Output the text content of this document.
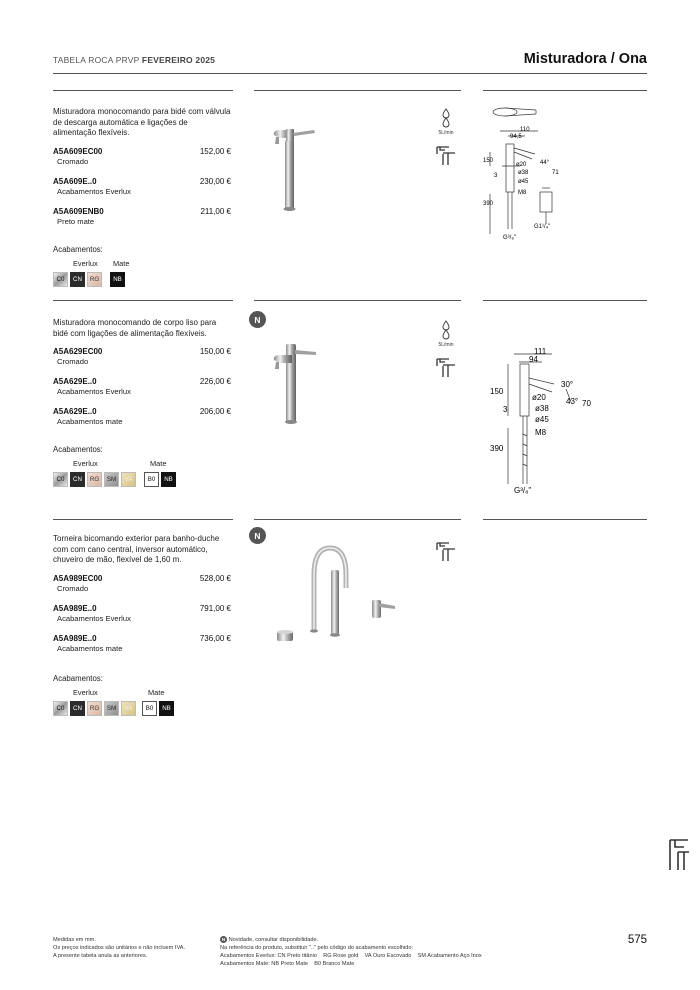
TABELA ROCA PRVP FEVEREIRO 2025	Misturadora / Ona
Misturadora monocomando para bidé com válvula de descarga automática e ligações de alimentação flexíveis.
A5A609EC00
Cromado
152,00 €
A5A609E..0
Acabamentos Everlux
230,00 €
A5A609ENB0
Preto mate
211,00 €
Acabamentos:
Everlux Mate
C0	CN	RG	NB
5L/min	110
94,5
150
ø20
ø38
ø45
M8
390
44°
71
3
G³/₈"
G1¹/₄"
Misturadora monocomando de corpo liso para bidé com ligações de alimentação flexíveis.
A5A629EC00
Cromado
150,00 €
A5A629E..0
Acabamentos Everlux
226,00 €
A5A629E..0
Acabamentos mate
206,00 €
Acabamentos:
Everlux	Mate
C0	CN	RG	SM	VA	B0	NB
N
5L/min
111
94
150
30°
ø20	43° 70
3	ø38
ø45
M8
390
G³/₈"
Torneira bicomando exterior para banho-duche com com cano central, inversor automático, chuveiro de mão, flexível de 1,60 m.
A5A989EC00
Cromado
528,00 €
A5A989E..0
Acabamentos Everlux
791,00 €
A5A989E..0
Acabamentos mate
736,00 €
Acabamentos:
Everlux	Mate
C0	CN	RG	SM	VA	B0	NB
N
Medidas em mm.
Os preços indicados são unitários e não incluem IVA.
A presente tabela anula as anteriores.
N Novidade, consultar disponibilidade.
Na referência do produto, substituir ".." pelo código do acabamento escolhido:
Acabamentos Everlux: CN Preto titânio    RG Rose gold    VA Ouro Escovado    SM Acabamento Aço Inox
Acabamentos Mate: NB Preto Mate    B0 Branco Mate
575
